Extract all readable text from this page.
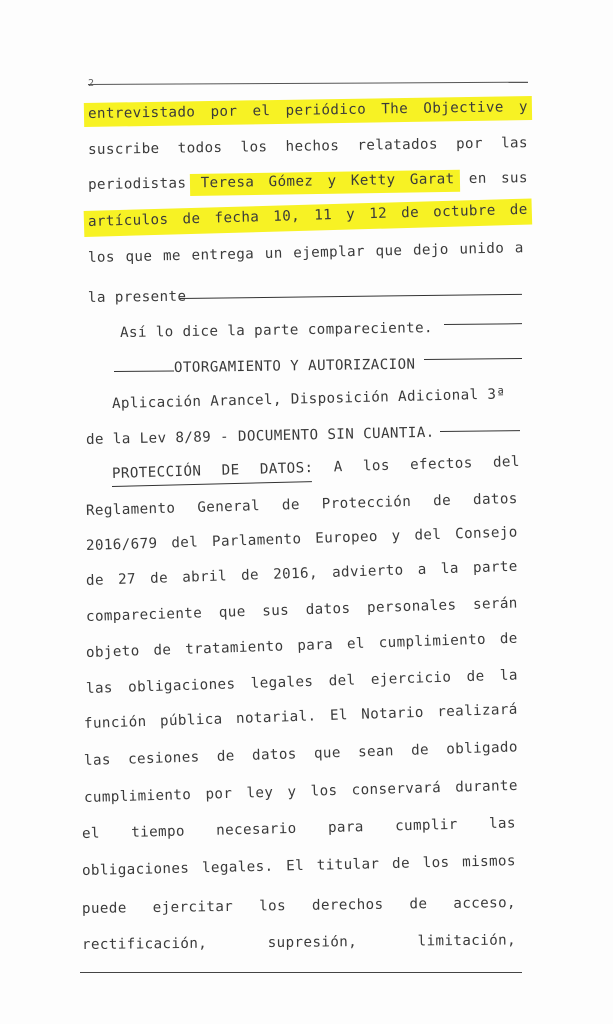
2
entrevistado por el periódico The Objective y
suscribe todos los hechos relatados por las
periodistas Teresa Gómez y Ketty Garat en sus
artículos de fecha 10, 11 y 12 de octubre de
los que me entrega un ejemplar que dejo unido a
la presente
Así lo dice la parte compareciente.
OTORGAMIENTO Y AUTORIZACION
Aplicación Arancel, Disposición Adicional 3ª
de la Lev 8/89 - DOCUMENTO SIN CUANTIA.
PROTECCIÓN DE DATOS: A los efectos del
Reglamento General de Protección de datos
2016/679 del Parlamento Europeo y del Consejo
de 27 de abril de 2016, advierto a la parte
compareciente que sus datos personales serán
objeto de tratamiento para el cumplimiento de
las obligaciones legales del ejercicio de la
función pública notarial. El Notario realizará
las cesiones de datos que sean de obligado
cumplimiento por ley y los conservará durante
el tiempo necesario para cumplir las
obligaciones legales. El titular de los mismos
puede ejercitar los derechos de acceso,
rectificación,	supresión,	limitación,
